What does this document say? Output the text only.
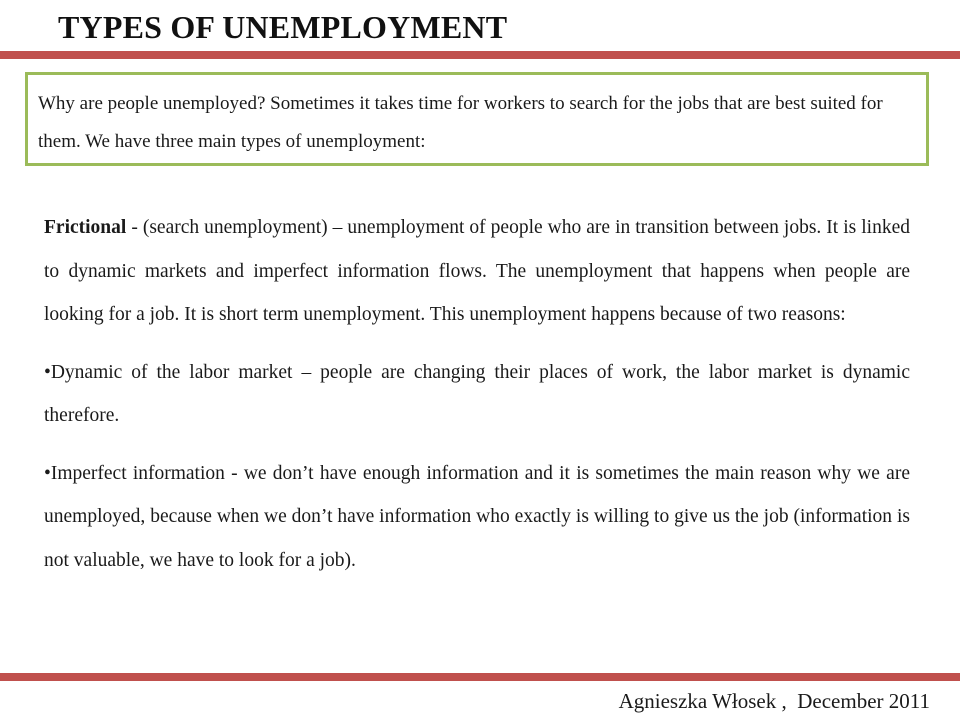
TYPES OF UNEMPLOYMENT
Why are people unemployed? Sometimes it takes time for workers to search for the jobs that are best suited for them. We have three main types of unemployment:

Frictional - (search unemployment) – unemployment of people who are in transition between jobs. It is linked to dynamic markets and imperfect information flows. The unemployment that happens when people are looking for a job. It is short term unemployment. This unemployment happens because of two reasons:

•Dynamic of the labor market – people are changing their places of work, the labor market is dynamic therefore.

•Imperfect information - we don’t have enough information and it is sometimes the main reason why we are unemployed, because when we don’t have information who exactly is willing to give us the job (information is not valuable, we have to look for a job).

Agnieszka Włosek ,  December 2011
